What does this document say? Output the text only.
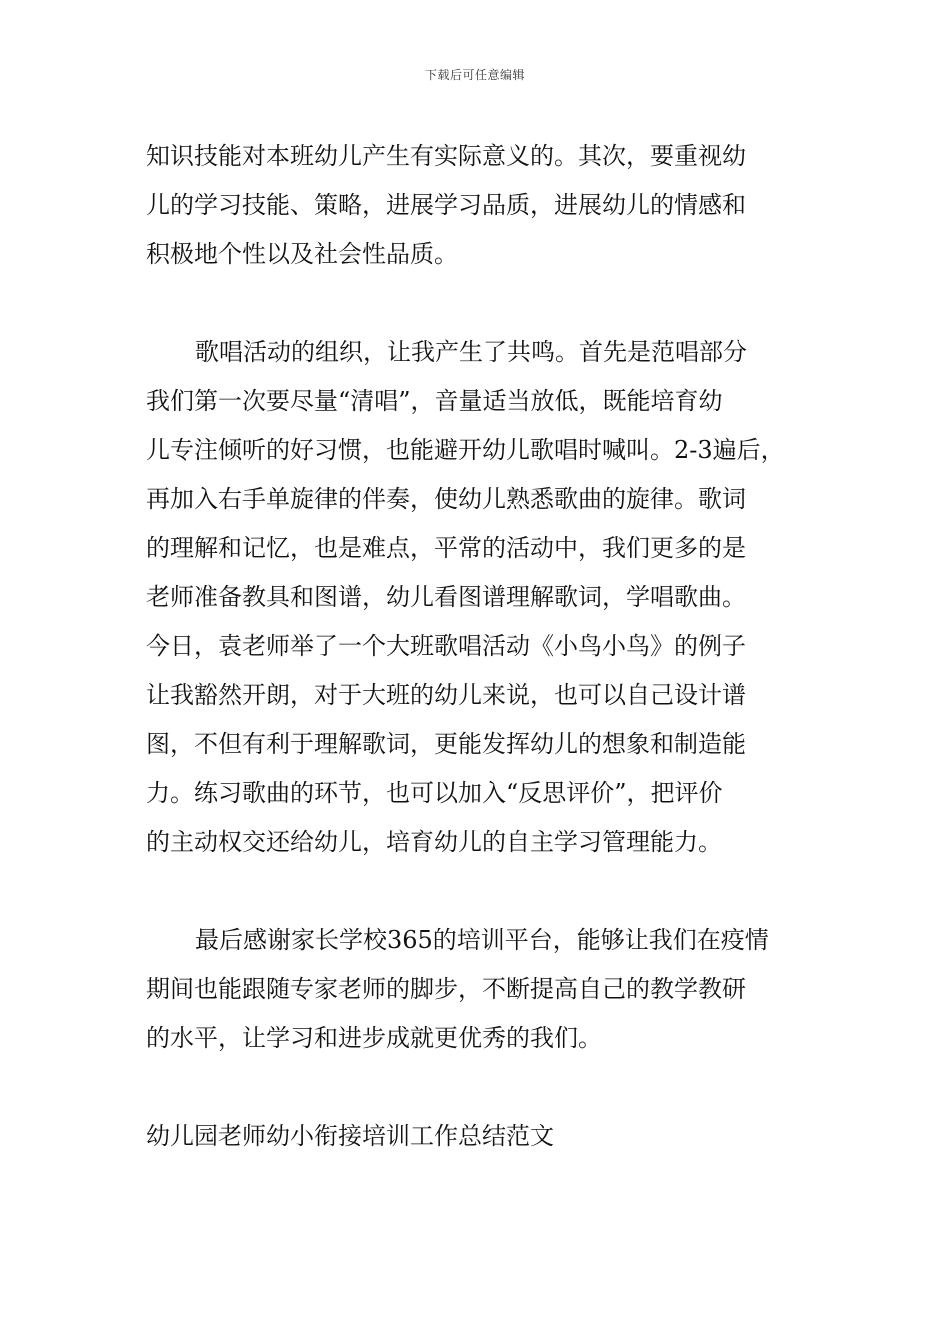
下载后可任意编辑
知识技能对本班幼儿产生有实际意义的。其次，要重视幼
儿的学习技能、策略，进展学习品质，进展幼儿的情感和
积极地个性以及社会性品质。
歌唱活动的组织，让我产生了共鸣。首先是范唱部分
我们第一次要尽量“清唱”，音量适当放低，既能培育幼
儿专注倾听的好习惯，也能避开幼儿歌唱时喊叫。2-3遍后，
再加入右手单旋律的伴奏，使幼儿熟悉歌曲的旋律。歌词
的理解和记忆，也是难点，平常的活动中，我们更多的是
老师准备教具和图谱，幼儿看图谱理解歌词，学唱歌曲。
今日，袁老师举了一个大班歌唱活动《小鸟小鸟》的例子
让我豁然开朗，对于大班的幼儿来说，也可以自己设计谱
图，不但有利于理解歌词，更能发挥幼儿的想象和制造能
力。练习歌曲的环节，也可以加入“反思评价”，把评价
的主动权交还给幼儿，培育幼儿的自主学习管理能力。
最后感谢家长学校365的培训平台，能够让我们在疫情
期间也能跟随专家老师的脚步，不断提高自己的教学教研
的水平，让学习和进步成就更优秀的我们。
幼儿园老师幼小衔接培训工作总结范文
